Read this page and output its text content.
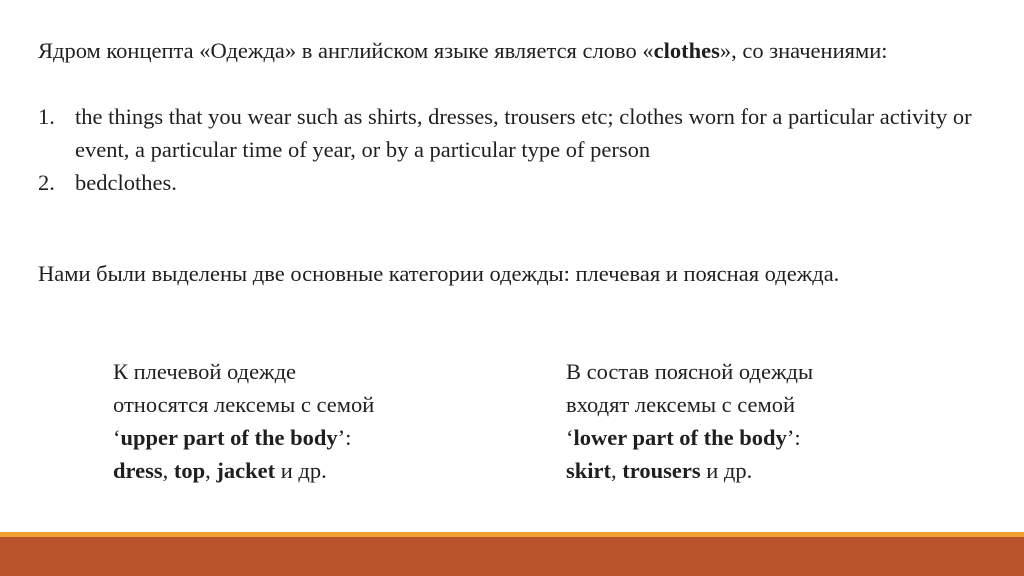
Ядром концепта «Одежда» в английском языке является слово «clothes», со значениями:

1. the things that you wear such as shirts, dresses, trousers etc; clothes worn for a particular activity or event, a particular time of year, or by a particular type of person
2. bedclothes.

Нами были выделены две основные категории одежды: плечевая и поясная одежда.

К плечевой одежде
относятся лексемы с семой
‘upper part of the body’:
dress, top, jacket и др.
В состав поясной одежды
входят лексемы с семой
‘lower part of the body’:
skirt, trousers и др.
